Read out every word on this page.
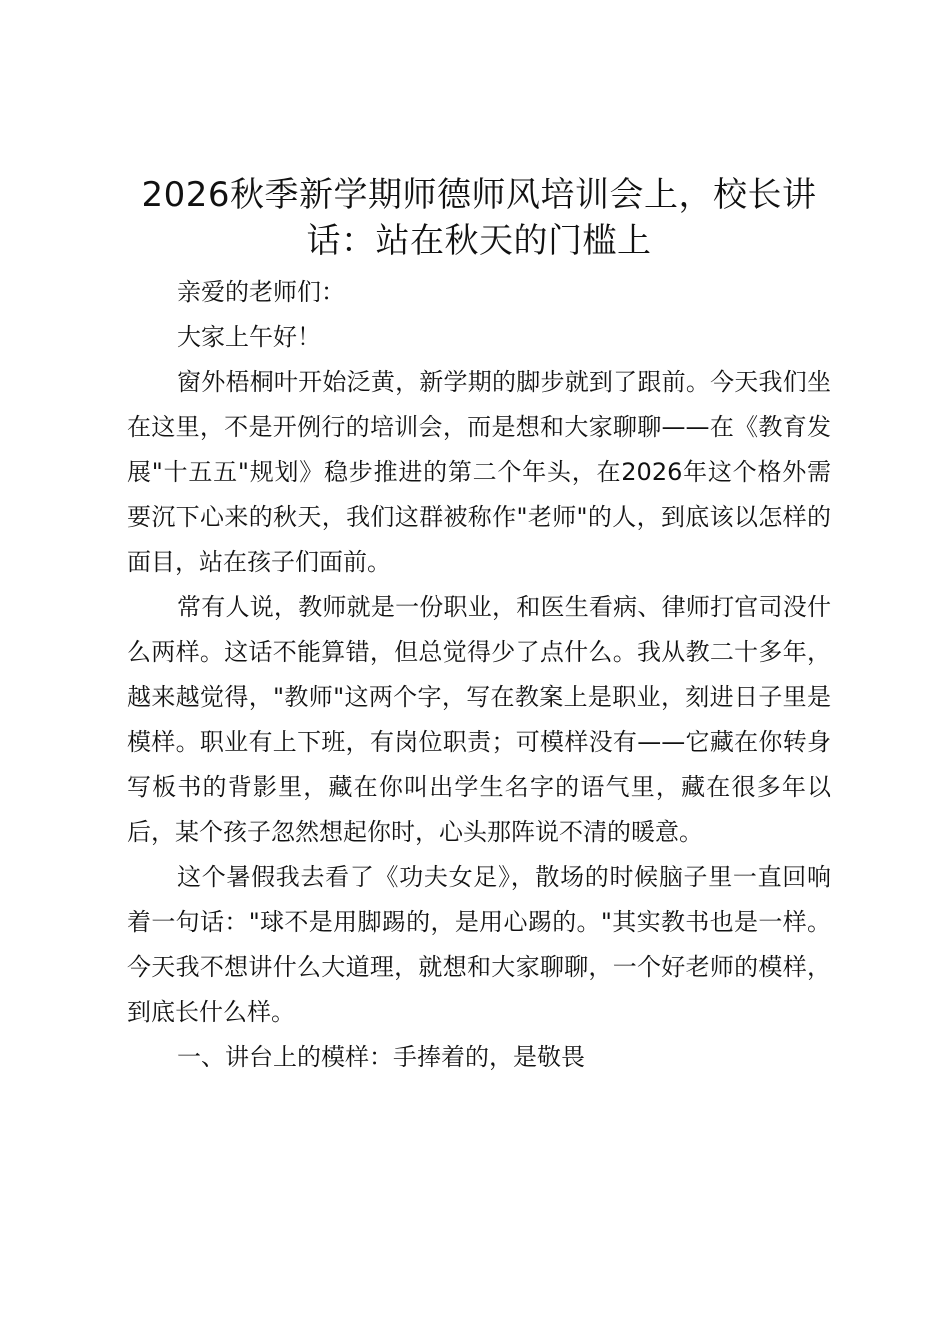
2026秋季新学期师德师风培训会上，校长讲话：站在秋天的门槛上

亲爱的老师们：

大家上午好！

窗外梧桐叶开始泛黄，新学期的脚步就到了跟前。今天我们坐在这里，不是开例行的培训会，而是想和大家聊聊——在《教育发展"十五五"规划》稳步推进的第二个年头，在2026年这个格外需要沉下心来的秋天，我们这群被称作"老师"的人，到底该以怎样的面目，站在孩子们面前。

常有人说，教师就是一份职业，和医生看病、律师打官司没什么两样。这话不能算错，但总觉得少了点什么。我从教二十多年，越来越觉得，"教师"这两个字，写在教案上是职业，刻进日子里是模样。职业有上下班，有岗位职责；可模样没有——它藏在你转身写板书的背影里，藏在你叫出学生名字的语气里，藏在很多年以后，某个孩子忽然想起你时，心头那阵说不清的暖意。

这个暑假我去看了《功夫女足》，散场的时候脑子里一直回响着一句话："球不是用脚踢的，是用心踢的。"其实教书也是一样。今天我不想讲什么大道理，就想和大家聊聊，一个好老师的模样，到底长什么样。

一、讲台上的模样：手捧着的，是敬畏
